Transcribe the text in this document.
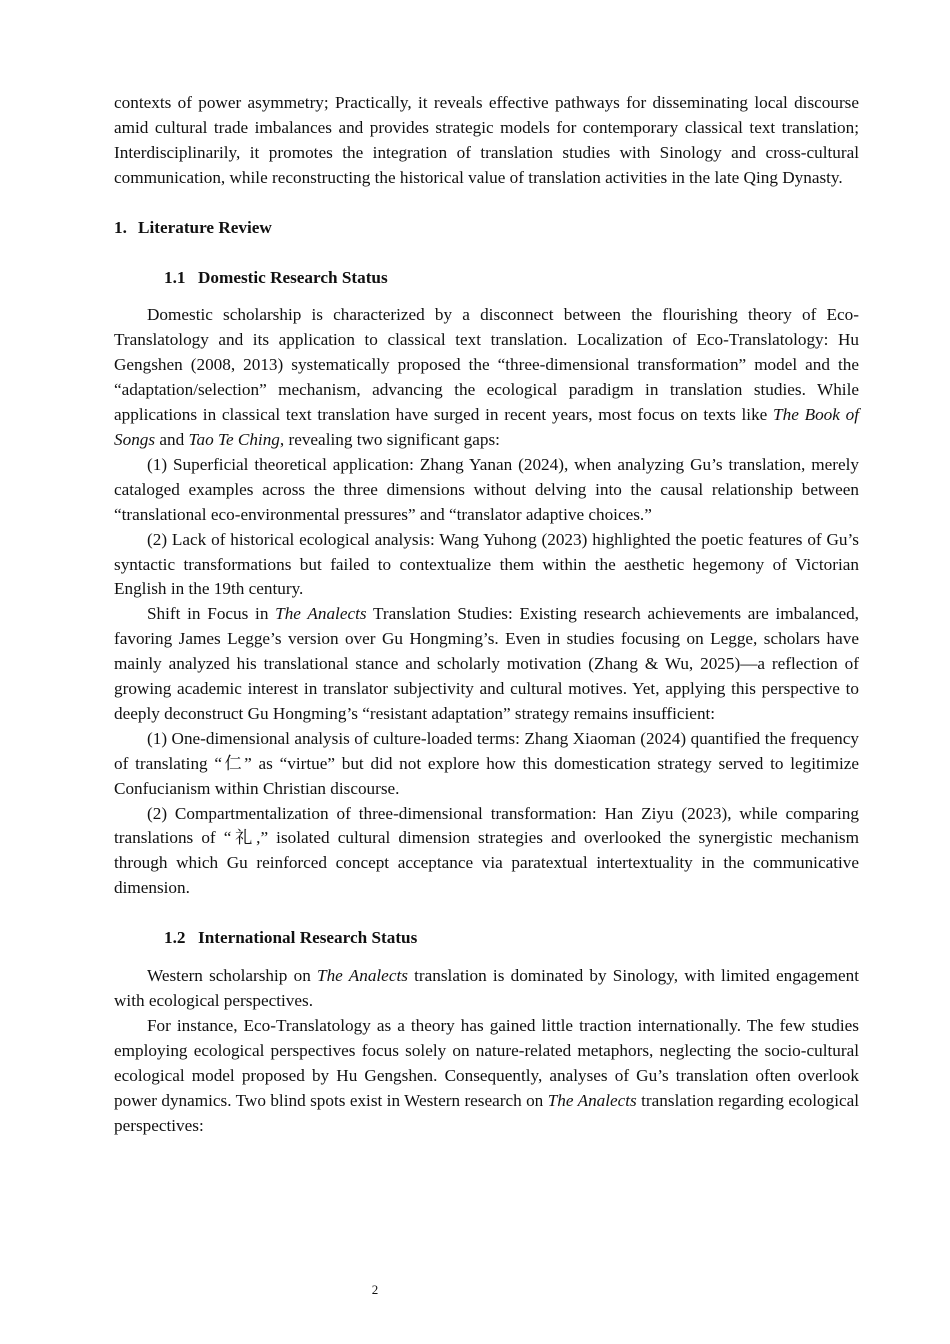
contexts of power asymmetry; Practically, it reveals effective pathways for disseminating local discourse amid cultural trade imbalances and provides strategic models for contemporary classical text translation; Interdisciplinarily, it promotes the integration of translation studies with Sinology and cross-cultural communication, while reconstructing the historical value of translation activities in the late Qing Dynasty.

1. Literature Review
1.1 Domestic Research Status

Domestic scholarship is characterized by a disconnect between the flourishing theory of Eco-Translatology and its application to classical text translation. Localization of Eco-Translatology: Hu Gengshen (2008, 2013) systematically proposed the “three-dimensional transformation” model and the “adaptation/selection” mechanism, advancing the ecological paradigm in translation studies. While applications in classical text translation have surged in recent years, most focus on texts like The Book of Songs and Tao Te Ching, revealing two significant gaps:

(1) Superficial theoretical application: Zhang Yanan (2024), when analyzing Gu’s translation, merely cataloged examples across the three dimensions without delving into the causal relationship between “translational eco-environmental pressures” and “translator adaptive choices.”

(2) Lack of historical ecological analysis: Wang Yuhong (2023) highlighted the poetic features of Gu’s syntactic transformations but failed to contextualize them within the aesthetic hegemony of Victorian English in the 19th century.

Shift in Focus in The Analects Translation Studies: Existing research achievements are imbalanced, favoring James Legge’s version over Gu Hongming’s. Even in studies focusing on Legge, scholars have mainly analyzed his translational stance and scholarly motivation (Zhang & Wu, 2025)—a reflection of growing academic interest in translator subjectivity and cultural motives. Yet, applying this perspective to deeply deconstruct Gu Hongming’s “resistant adaptation” strategy remains insufficient:

(1) One-dimensional analysis of culture-loaded terms: Zhang Xiaoman (2024) quantified the frequency of translating “仁” as “virtue” but did not explore how this domestication strategy served to legitimize Confucianism within Christian discourse.

(2) Compartmentalization of three-dimensional transformation: Han Ziyu (2023), while comparing translations of “礼,” isolated cultural dimension strategies and overlooked the synergistic mechanism through which Gu reinforced concept acceptance via paratextual intertextuality in the communicative dimension.

1.2 International Research Status

Western scholarship on The Analects translation is dominated by Sinology, with limited engagement with ecological perspectives.

For instance, Eco-Translatology as a theory has gained little traction internationally. The few studies employing ecological perspectives focus solely on nature-related metaphors, neglecting the socio-cultural ecological model proposed by Hu Gengshen. Consequently, analyses of Gu’s translation often overlook power dynamics. Two blind spots exist in Western research on The Analects translation regarding ecological perspectives:

2
